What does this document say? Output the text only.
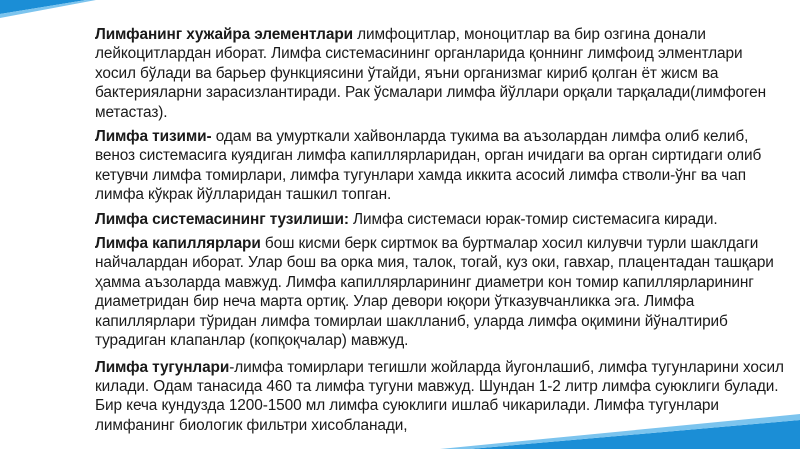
Лимфанинг хужайра элементлари лимфоцитлар, моноцитлар ва бир озгина донали лейкоцитлардан иборат. Лимфа системасининг органларида қоннинг лимфоид элментлари хосил бўлади ва барьер функциясини ўтайди, яъни организмаг кириб қолган ёт жисм ва бактерияларни зарасизлантиради. Рак ўсмалари лимфа йўллари орқали тарқалади(лимфоген метастаз).

Лимфа тизими- одам ва умурткали хайвонларда тукима ва аъзолардан лимфа олиб келиб, веноз системасига куядиган лимфа капиллярларидан, орган ичидаги ва орган сиртидаги олиб кетувчи лимфа томирлари, лимфа тугунлари хамда иккита асосий лимфа стволи-ўнг ва чап лимфа кўкрак йўлларидан ташкил топган.

Лимфа системасининг тузилиши: Лимфа системаси юрак-томир системасига киради.

Лимфа капиллярлари бош кисми берк сиртмок ва буртмалар хосил килувчи турли шаклдаги найчалардан иборат. Улар бош ва орка мия, талок, тогай, куз оки, гавхар, плацентадан ташқари ҳамма аъзоларда мавжуд. Лимфа капиллярларининг диаметри кон томир капиллярларининг диаметридан бир неча марта ортиқ. Улар девори юқори ўтказувчанликка эга. Лимфа капиллярлари тўридан лимфа томирлаи шаклланиб, уларда лимфа оқимини йўналтириб турадиган клапанлар (копқоқчалар) мавжуд.

Лимфа тугунлари-лимфа томирлари тегишли жойларда йугонлашиб, лимфа тугунларини хосил килади. Одам танасида 460 та лимфа тугуни мавжуд. Шундан 1-2 литр лимфа суюклиги булади. Бир кеча кундузда 1200-1500 мл лимфа суюклиги ишлаб чикарилади. Лимфа тугунлари лимфанинг биологик фильтри хисобланади,
